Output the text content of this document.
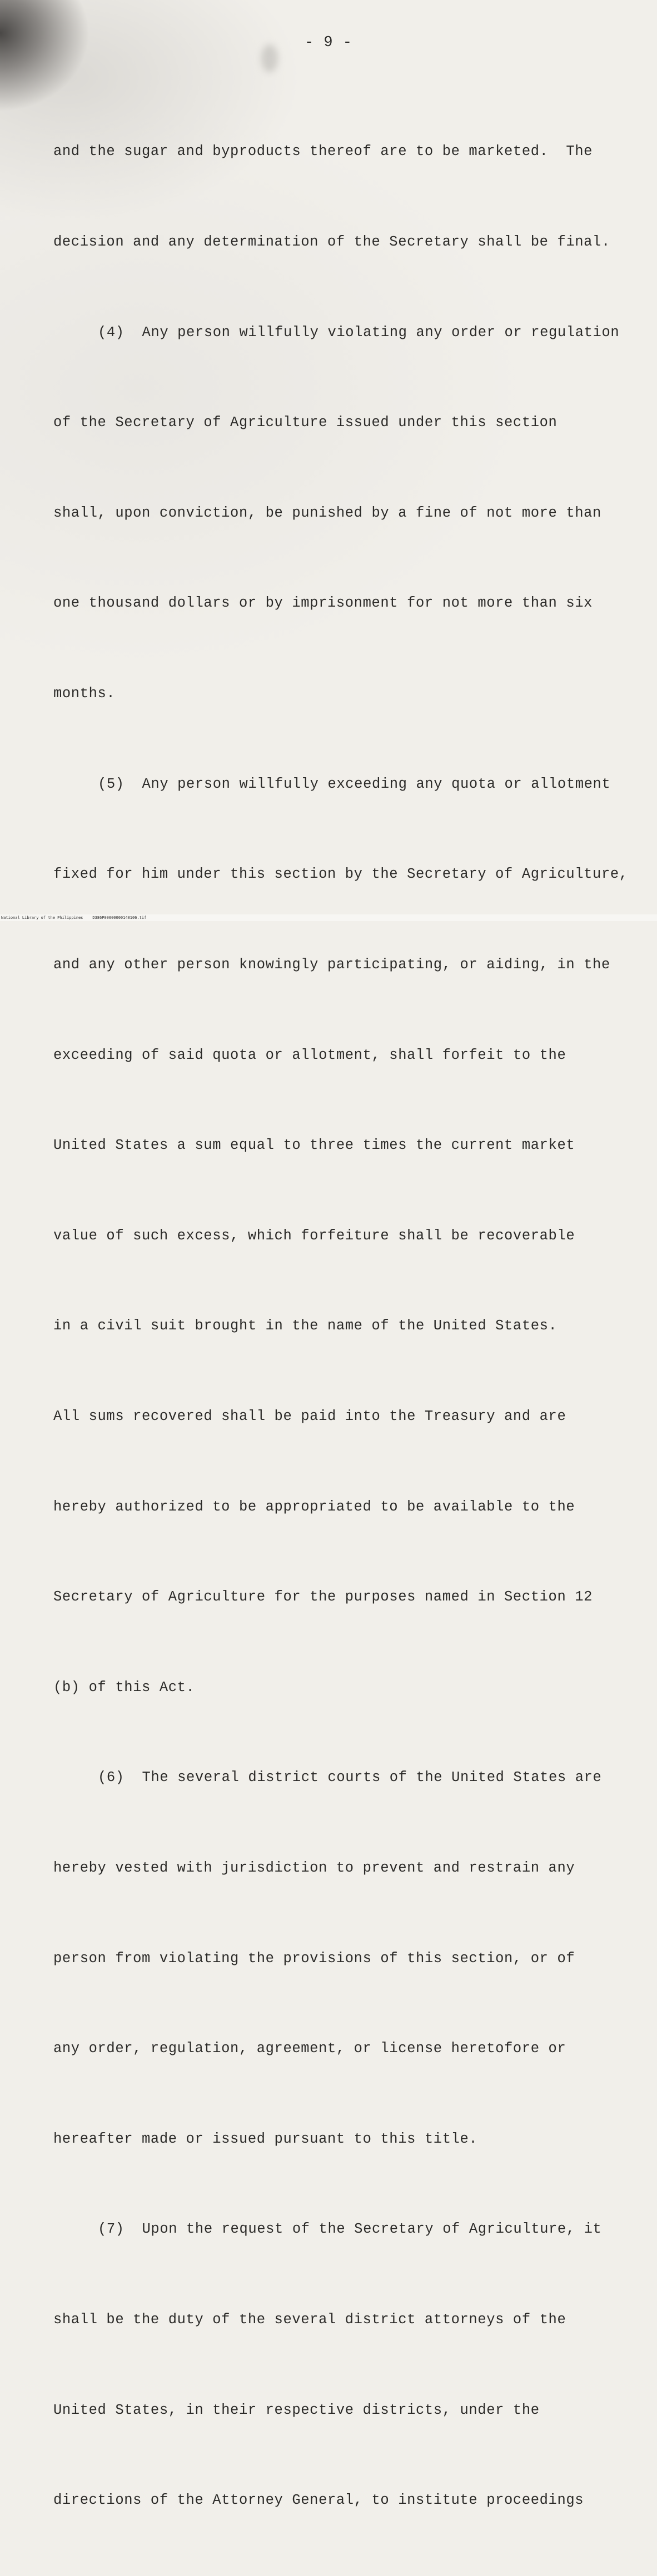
- 9 -

and the sugar and byproducts thereof are to be marketed.  The

decision and any determination of the Secretary shall be final.

(4)  Any person willfully violating any order or regulation

of the Secretary of Agriculture issued under this section

shall, upon conviction, be punished by a fine of not more than

one thousand dollars or by imprisonment for not more than six

months.

(5)  Any person willfully exceeding any quota or allotment

fixed for him under this section by the Secretary of Agriculture,

and any other person knowingly participating, or aiding, in the

exceeding of said quota or allotment, shall forfeit to the

United States a sum equal to three times the current market

value of such excess, which forfeiture shall be recoverable

in a civil suit brought in the name of the United States.

All sums recovered shall be paid into the Treasury and are

hereby authorized to be appropriated to be available to the

Secretary of Agriculture for the purposes named in Section 12

(b) of this Act.

(6)  The several district courts of the United States are

hereby vested with jurisdiction to prevent and restrain any

person from violating the provisions of this section, or of

any order, regulation, agreement, or license heretofore or

hereafter made or issued pursuant to this title.

(7)  Upon the request of the Secretary of Agriculture, it

shall be the duty of the several district attorneys of the

United States, in their respective districts, under the

directions of the Attorney General, to institute proceedings

National Library of the Philippines    D386P00000000140106.tif
